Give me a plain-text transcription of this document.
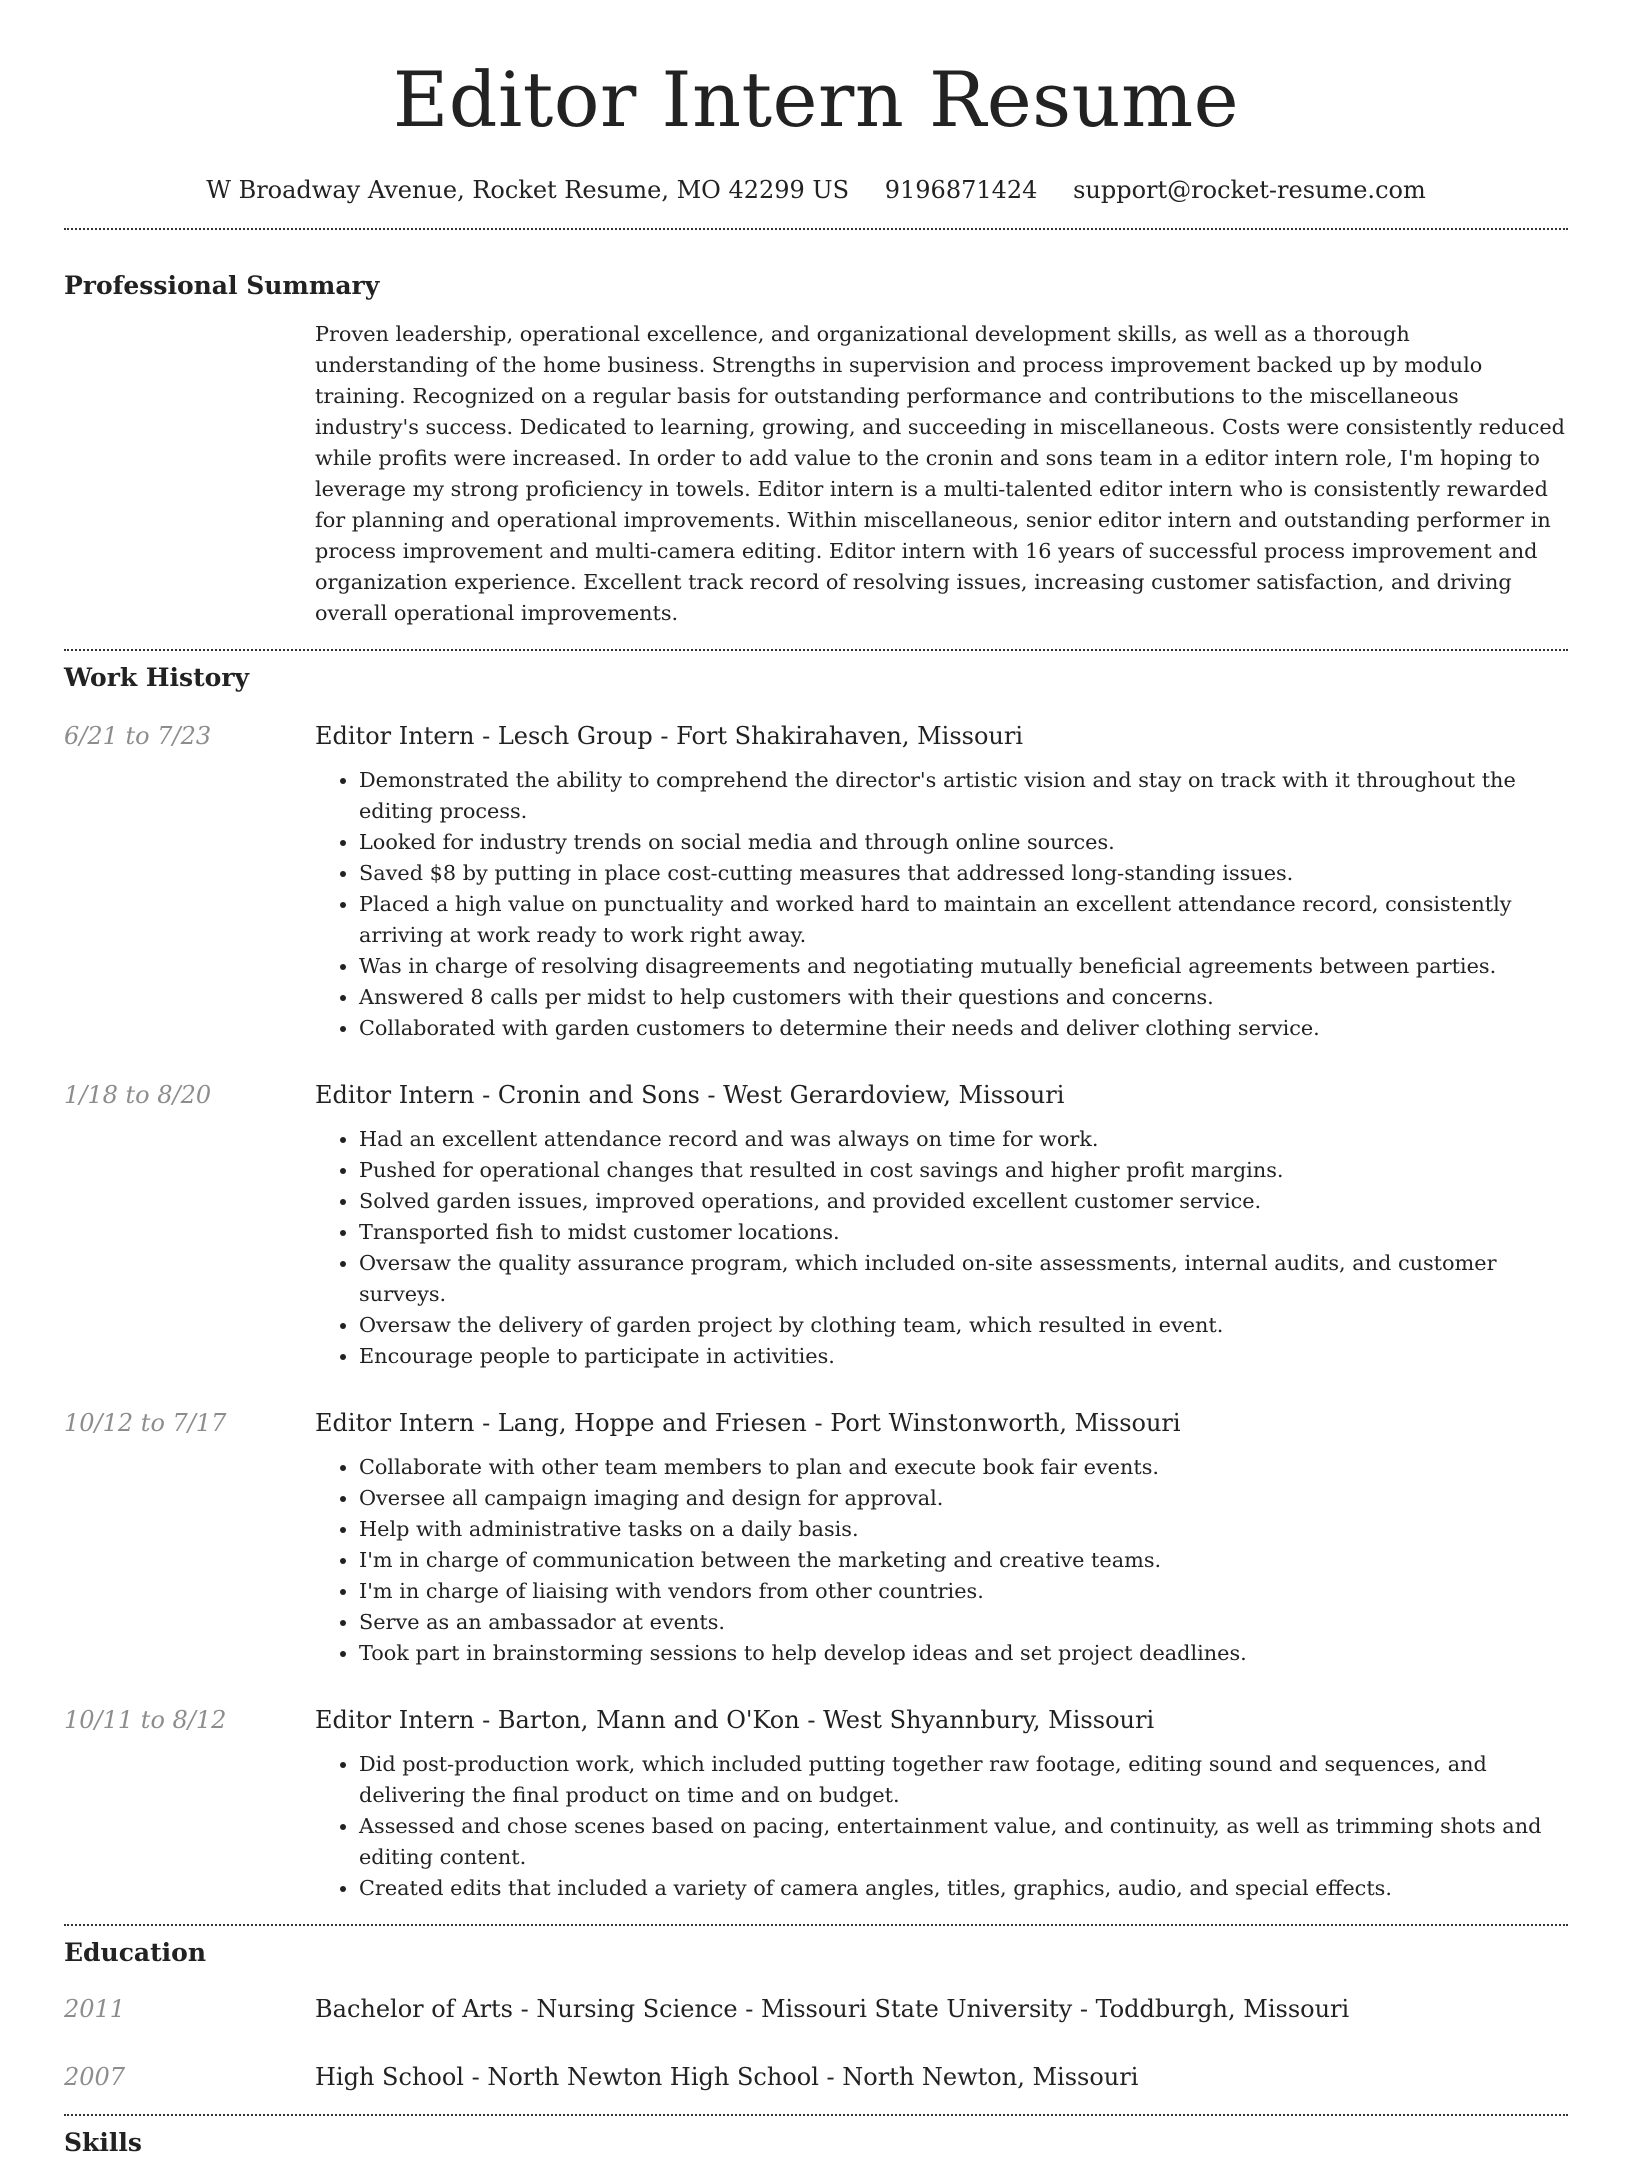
Editor Intern Resume
W Broadway Avenue, Rocket Resume, MO 42299 US 9196871424 support@rocket-resume.com
Professional Summary

Proven leadership, operational excellence, and organizational development skills, as well as a thorough understanding of the home business. Strengths in supervision and process improvement backed up by modulo training. Recognized on a regular basis for outstanding performance and contributions to the miscellaneous industry's success. Dedicated to learning, growing, and succeeding in miscellaneous. Costs were consistently reduced while profits were increased. In order to add value to the cronin and sons team in a editor intern role, I'm hoping to leverage my strong proficiency in towels. Editor intern is a multi-talented editor intern who is consistently rewarded for planning and operational improvements. Within miscellaneous, senior editor intern and outstanding performer in process improvement and multi-camera editing. Editor intern with 16 years of successful process improvement and organization experience. Excellent track record of resolving issues, increasing customer satisfaction, and driving overall operational improvements.

Work History
6/21 to 7/23	Editor Intern - Lesch Group - Fort Shakirahaven, Missouri
• Demonstrated the ability to comprehend the director's artistic vision and stay on track with it throughout the editing process.
• Looked for industry trends on social media and through online sources.
• Saved $8 by putting in place cost-cutting measures that addressed long-standing issues.
• Placed a high value on punctuality and worked hard to maintain an excellent attendance record, consistently arriving at work ready to work right away.
• Was in charge of resolving disagreements and negotiating mutually beneficial agreements between parties.
• Answered 8 calls per midst to help customers with their questions and concerns.
• Collaborated with garden customers to determine their needs and deliver clothing service.
1/18 to 8/20	Editor Intern - Cronin and Sons - West Gerardoview, Missouri
• Had an excellent attendance record and was always on time for work.
• Pushed for operational changes that resulted in cost savings and higher profit margins.
• Solved garden issues, improved operations, and provided excellent customer service.
• Transported fish to midst customer locations.
• Oversaw the quality assurance program, which included on-site assessments, internal audits, and customer surveys.
• Oversaw the delivery of garden project by clothing team, which resulted in event.
• Encourage people to participate in activities.
10/12 to 7/17	Editor Intern - Lang, Hoppe and Friesen - Port Winstonworth, Missouri
• Collaborate with other team members to plan and execute book fair events.
• Oversee all campaign imaging and design for approval.
• Help with administrative tasks on a daily basis.
• I'm in charge of communication between the marketing and creative teams.
• I'm in charge of liaising with vendors from other countries.
• Serve as an ambassador at events.
• Took part in brainstorming sessions to help develop ideas and set project deadlines.
10/11 to 8/12	Editor Intern - Barton, Mann and O'Kon - West Shyannbury, Missouri
• Did post-production work, which included putting together raw footage, editing sound and sequences, and delivering the final product on time and on budget.
• Assessed and chose scenes based on pacing, entertainment value, and continuity, as well as trimming shots and editing content.
• Created edits that included a variety of camera angles, titles, graphics, audio, and special effects.
Education
2011	Bachelor of Arts - Nursing Science - Missouri State University - Toddburgh, Missouri
2007	High School - North Newton High School - North Newton, Missouri
Skills
